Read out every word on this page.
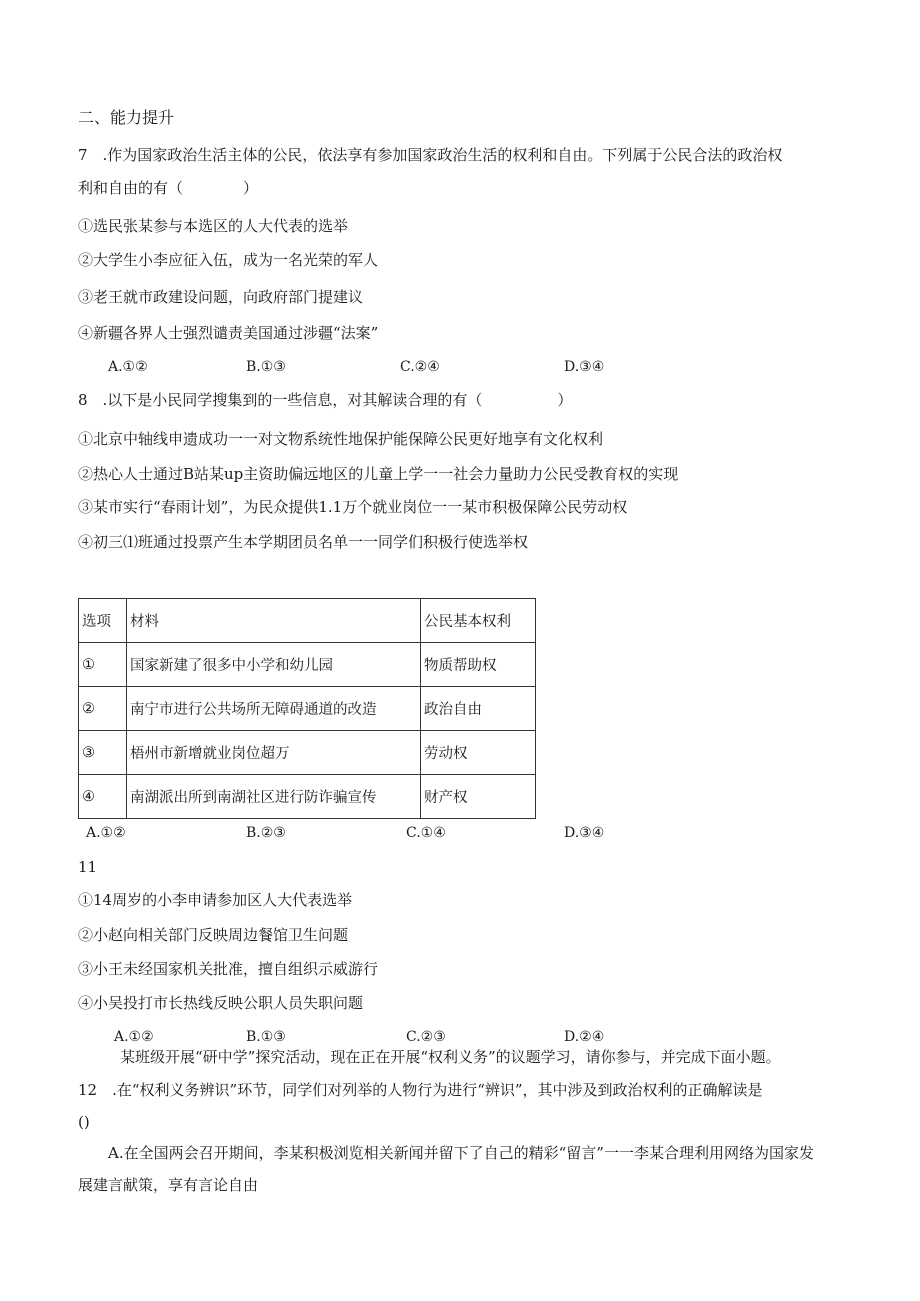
二、能力提升
7　.作为国家政治生活主体的公民，依法享有参加国家政治生活的权利和自由。下列属于公民合法的政治权
利和自由的有（　　　　）
①选民张某参与本选区的人大代表的选举
②大学生小李应征入伍，成为一名光荣的军人
③老王就市政建设问题，向政府部门提建议
④新疆各界人士强烈谴责美国通过涉疆“法案”
A.①②	B.①③	C.②④	D.③④
8　.以下是小民同学搜集到的一些信息，对其解读合理的有（　　　　　）
①北京中轴线申遗成功一一对文物系统性地保护能保障公民更好地享有文化权利
②热心人士通过B站某up主资助偏远地区的儿童上学一一社会力量助力公民受教育权的实现
③某市实行“春雨计划”，为民众提供1.1万个就业岗位一一某市积极保障公民劳动权
④初三⑴班通过投票产生本学期团员名单一一同学们积极行使选举权
选项	材料	公民基本权利
①	国家新建了很多中小学和幼儿园	物质帮助权
②	南宁市进行公共场所无障碍通道的改造	政治自由
③	梧州市新增就业岗位超万	劳动权
④	南湖派出所到南湖社区进行防诈骗宣传	财产权
A.①②	B.②③	C.①④	D.③④
11
①14周岁的小李申请参加区人大代表选举
②小赵向相关部门反映周边餐馆卫生问题
③小王未经国家机关批准，擅自组织示威游行
④小吴投打市长热线反映公职人员失职问题
A.①②	B.①③	C.②③	D.②④
某班级开展“研中学”探究活动，现在正在开展“权利义务”的议题学习，请你参与，并完成下面小题。
12　.在“权利义务辨识”环节，同学们对列举的人物行为进行“辨识”，其中涉及到政治权利的正确解读是
()
A.在全国两会召开期间，李某积极浏览相关新闻并留下了自己的精彩“留言”一一李某合理利用网络为国家发
展建言献策，享有言论自由
